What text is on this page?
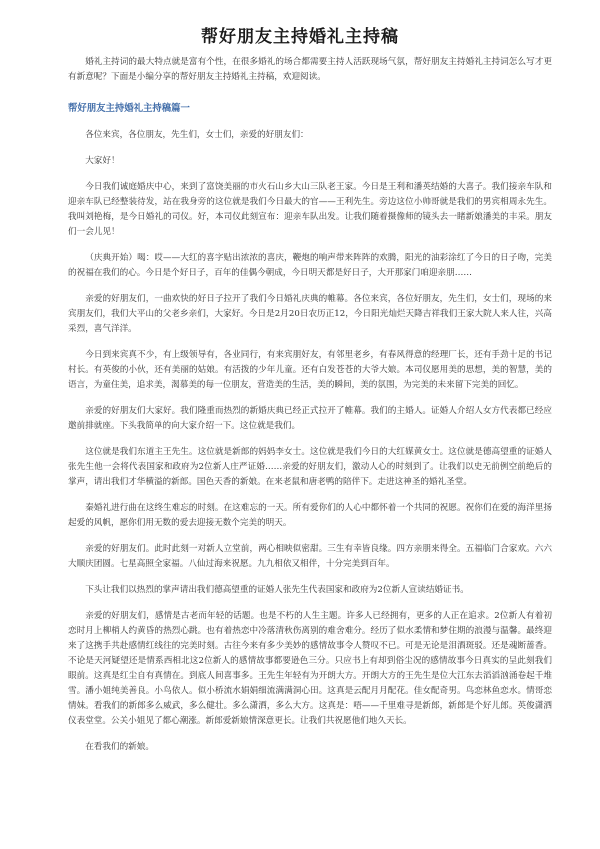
帮好朋友主持婚礼主持稿

婚礼主持词的最大特点就是富有个性，在很多婚礼的场合都需要主持人活跃现场气氛，帮好朋友主持婚礼主持词怎么写才更有新意呢？下面是小编分享的帮好朋友主持婚礼主持稿，欢迎阅读。

帮好朋友主持婚礼主持稿篇一

各位来宾，各位朋友，先生们，女士们，亲爱的好朋友们：

大家好！

今日我们诚庭婚庆中心，来到了富饶美丽的市火石山乡大山三队老王家。今日是王利和潘英结婚的大喜子。我们接亲车队和迎亲车队已经整装待发，站在我身旁的这位就是我们今日最大的官——王利先生。旁边这位小帅哥就是我们的男宾相周永先生。我叫刘艳梅，是今日婚礼的司仪。好，本司仪此刻宣布：迎亲车队出发。让我们随着摄像师的镜头去一睹新娘潘美的丰采。朋友们一会儿见！

（庆典开始）喝：哎——大红的喜字贴出浓浓的喜庆，鞭炮的响声带来阵阵的欢腾，阳光的油彩涂红了今日的日子吻，完美的祝福在我们的心。今日是个好日子，百年的佳偶今朝成，今日明天都是好日子，大开那家门咱迎亲朋……

亲爱的好朋友们，一曲欢快的好日子拉开了我们今日婚礼庆典的帷幕。各位来宾，各位好朋友，先生们，女士们，现场的来宾朋友们，我们大平山的父老乡亲们，大家好。今日是2月20日农历正12，今日阳光灿烂天降吉祥我们王家大院人来人往，兴高采烈，喜气洋洋。

今日到来宾真不少，有上级领导有，各业同行，有来宾朋好友，有邻里老乡，有春风得意的经理厂长，还有手劲十足的书记村长。有英俊的小伙，还有美丽的姑娘。有活拨的少年儿童。还有白发苍苍的大爷大娘。本司仪愿用美的思想，美的智慧，美的语言，为童住美，追求美，渴慕美的每一位朋友，营造美的生活，美的瞬间，美的氛围，为完美的未来留下完美的回忆。

亲爱的好朋友们大家好。我们隆重而热烈的新婚庆典已经正式拉开了帷幕。我们的主婚人。证婚人介绍人女方代表都已经应邀前排就座。下头我简单的向大家介绍一下。这位就是我们。

这位就是我们东道主王先生。这位就是新郎的妈妈李女士。这位就是我们今日的大红媒黄女士。这位就是德高望重的证婚人张先生他一会将代表国家和政府为2位新人庄严证婚……亲爱的好朋友们，激动人心的时刻到了。让我们以史无前例空前绝后的掌声，请出我们才华横溢的新郎。国色天香的新娘。在来老鼠和唐老鸭的陪伴下。走进这神圣的婚礼圣堂。

秦婚礼进行曲在这终生难忘的时刻。在这难忘的一天。所有爱你们的人心中都怀着一个共同的祝愿。祝你们在爱的海洋里扬起爱的风帆，愿你们用无数的爱去迎接无数个完美的明天。

亲爱的好朋友们。此时此刻一对新人立堂前，两心相映似密甜。三生有幸皆良缘。四方亲朋来得全。五福临门合家欢。六六大顺庆团圆。七星高照全家福。八仙过海来祝愿。九九相依又相伴，十分完美到百年。

下头让我们以热烈的掌声请出我们德高望重的证婚人张先生代表国家和政府为2位新人宣读结婚证书。

亲爱的好朋友们，感情是古老而年轻的话题。也是不朽的人生主题。许多人已经拥有，更多的人正在追求。2位新人有着初恋时月上柳梢人约黄昏的热烈心跳。也有着热恋中冷落清秋伤离别的难舍难分。经历了似水柔情和梦住期的浪漫与温馨。最终迎来了这携手共赴感情红线往的完美时刻。古往今来有多少美妙的感情故事令人赞叹不已。可是无论是泪酒斑驳。还是魂断蔷香。不论是天河疑望还是情系西相北这2位新人的感情故事都要逊色三分。只应书上有却到俗尘况的感情故事今日真实的呈此刻我们眼前。这真是红尘自有真情在。到底人间喜事多。王先生年轻有为开朗大方。开朗大方的王先生是位大江东去滔滔汹涌卷起千堆雪。潘小姐纯美善良。小鸟依人。似小桥流水娟娟细流满满洞心田。这真是云配月月配花。佳女配奇男。鸟恋林鱼恋水。情哥恋情妹。看我们的新郎多么威武，多么健壮。多么潇洒，多么大方。这真是：唔——千里难寻是新郎，新郎是个好儿郎。英俊潇洒仪表堂堂。公关小姐见了都心潮涨。新郎爱新娘情深意更长。让我们共祝愿他们地久天长。

在看我们的新娘。
